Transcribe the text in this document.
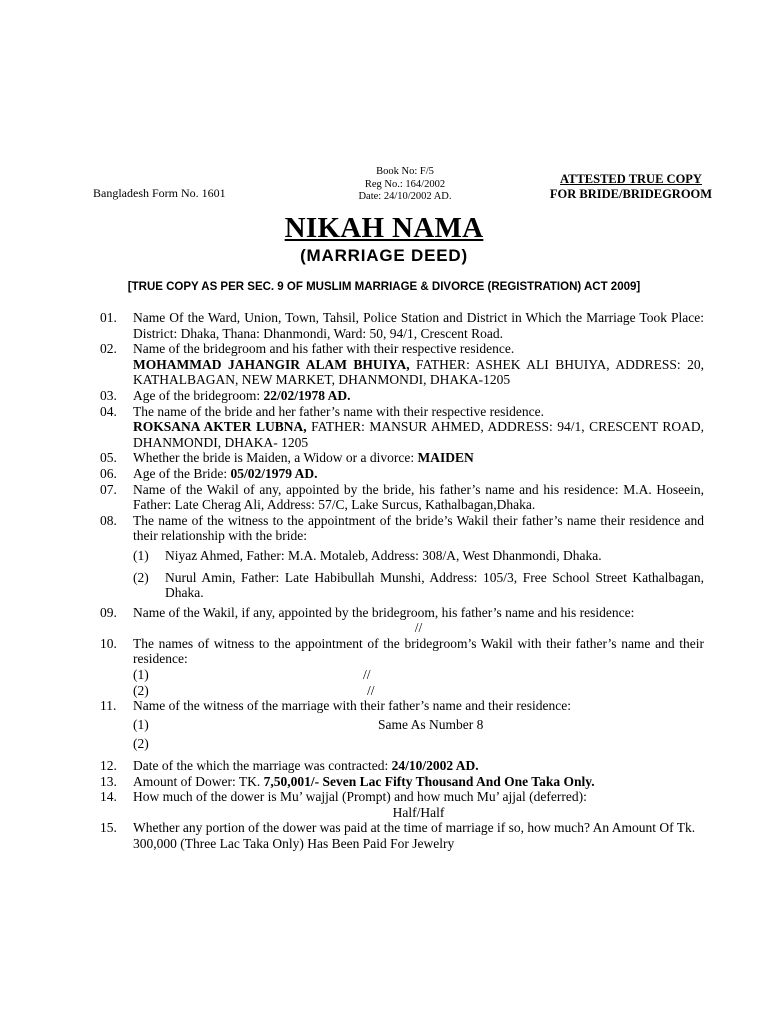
Bangladesh Form No. 1601
Book No: F/5
Reg No.: 164/2002
Date: 24/10/2002 AD.
ATTESTED TRUE COPY
FOR BRIDE/BRIDEGROOM
NIKAH NAMA
(MARRIAGE DEED)
[TRUE COPY AS PER SEC. 9 OF MUSLIM MARRIAGE & DIVORCE (REGISTRATION) ACT 2009]
01. Name Of the Ward, Union, Town, Tahsil, Police Station and District in Which the Marriage Took Place: District: Dhaka, Thana: Dhanmondi, Ward: 50, 94/1, Crescent Road.
02. Name of the bridegroom and his father with their respective residence.
MOHAMMAD JAHANGIR ALAM BHUIYA, FATHER: ASHEK ALI BHUIYA, ADDRESS: 20, KATHALBAGAN, NEW MARKET, DHANMONDI, DHAKA-1205
03. Age of the bridegroom: 22/02/1978 AD.
04. The name of the bride and her father’s name with their respective residence.
ROKSANA AKTER LUBNA, FATHER: MANSUR AHMED, ADDRESS: 94/1, CRESCENT ROAD, DHANMONDI, DHAKA- 1205
05. Whether the bride is Maiden, a Widow or a divorce: MAIDEN
06. Age of the Bride: 05/02/1979 AD.
07. Name of the Wakil of any, appointed by the bride, his father’s name and his residence: M.A. Hoseein, Father: Late Cherag Ali, Address: 57/C, Lake Surcus, Kathalbagan,Dhaka.
08. The name of the witness to the appointment of the bride’s Wakil their father’s name their residence and their relationship with the bride:
(1) Niyaz Ahmed, Father: M.A. Motaleb, Address: 308/A, West Dhanmondi, Dhaka.
(2) Nurul Amin, Father: Late Habibullah Munshi, Address: 105/3, Free School Street Kathalbagan, Dhaka.
09. Name of the Wakil, if any, appointed by the bridegroom, his father’s name and his residence:
//
10. The names of witness to the appointment of the bridegroom’s Wakil with their father’s name and their residence:
(1)	//
(2)	//
11. Name of the witness of the marriage with their father’s name and their residence:
(1)	Same As Number 8
(2)
12. Date of the which the marriage was contracted: 24/10/2002 AD.
13. Amount of Dower: TK. 7,50,001/- Seven Lac Fifty Thousand And One Taka Only.
14. How much of the dower is Mu’ wajjal (Prompt) and how much Mu’ ajjal (deferred):
Half/Half
15. Whether any portion of the dower was paid at the time of marriage if so, how much? An Amount Of Tk. 300,000 (Three Lac Taka Only) Has Been Paid For Jewelry
